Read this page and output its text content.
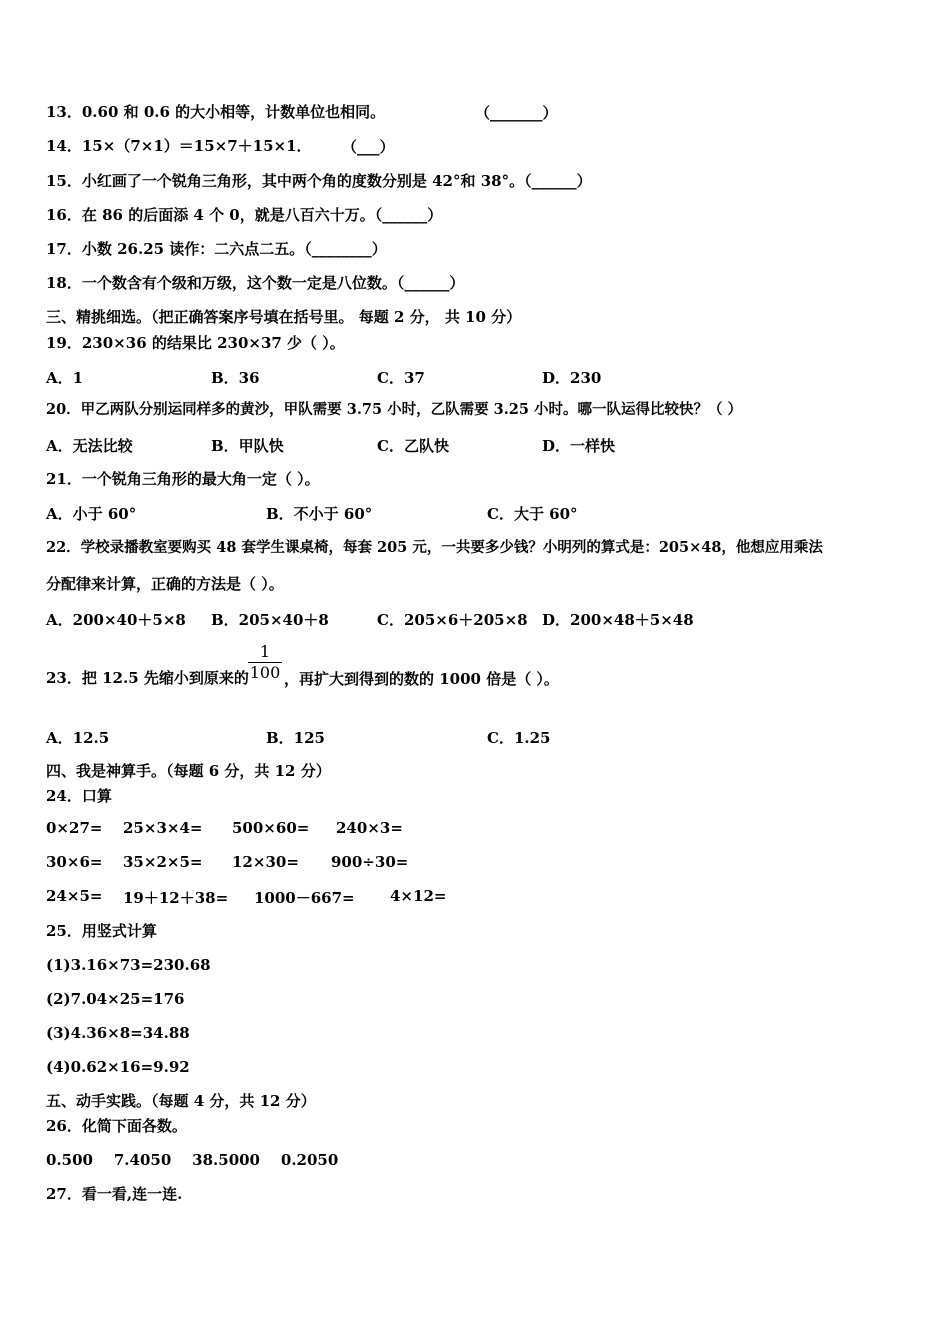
13．0.60 和 0.6 的大小相等，计数单位也相同。	（_______）
14．15×（7×1）＝15×7＋15×1． （___）
15．小红画了一个锐角三角形，其中两个角的度数分别是 42°和 38°。（______）
16．在 86 的后面添 4 个 0，就是八百六十万。（______）
17．小数 26.25 读作：二六点二五。（________）
18．一个数含有个级和万级，这个数一定是八位数。（______）
三、精挑细选。（把正确答案序号填在括号里。 每题 2 分， 共 10 分）
19．230×36 的结果比 230×37 少（ ）。
A．1	B．36	C．37	D．230
20．甲乙两队分别运同样多的黄沙，甲队需要 3.75 小时，乙队需要 3.25 小时。哪一队运得比较快？（ ）
A．无法比较	B．甲队快	C．乙队快	D．一样快
21．一个锐角三角形的最大角一定（ ）。
A．小于 60°	B．不小于 60°	C．大于 60°
22．学校录播教室要购买 48 套学生课桌椅，每套 205 元，一共要多少钱？小明列的算式是：205×48，他想应用乘法
分配律来计算，正确的方法是（ ）。
A．200×40＋5×8 B．205×40＋8	C．205×6＋205×8 D．200×48＋5×48
23．把 12.5 先缩小到原来的
1
100 ，再扩大到得到的数的 1000 倍是（ ）。
A．12.5	B．125	C．1.25
四、我是神算手。（每题 6 分，共 12 分）
24．口算
0×27= 25×3×4= 500×60= 240×3=
30×6= 35×2×5= 12×30= 900÷30=
24×5= 19＋12＋38= 1000－667= 4×12=
25．用竖式计算
(1)3.16×73=230.68
(2)7.04×25=176
(3)4.36×8=34.88
(4)0.62×16=9.92
五、动手实践。（每题 4 分，共 12 分）
26．化简下面各数。
0.500    7.4050    38.5000    0.2050
27．看一看,连一连.
